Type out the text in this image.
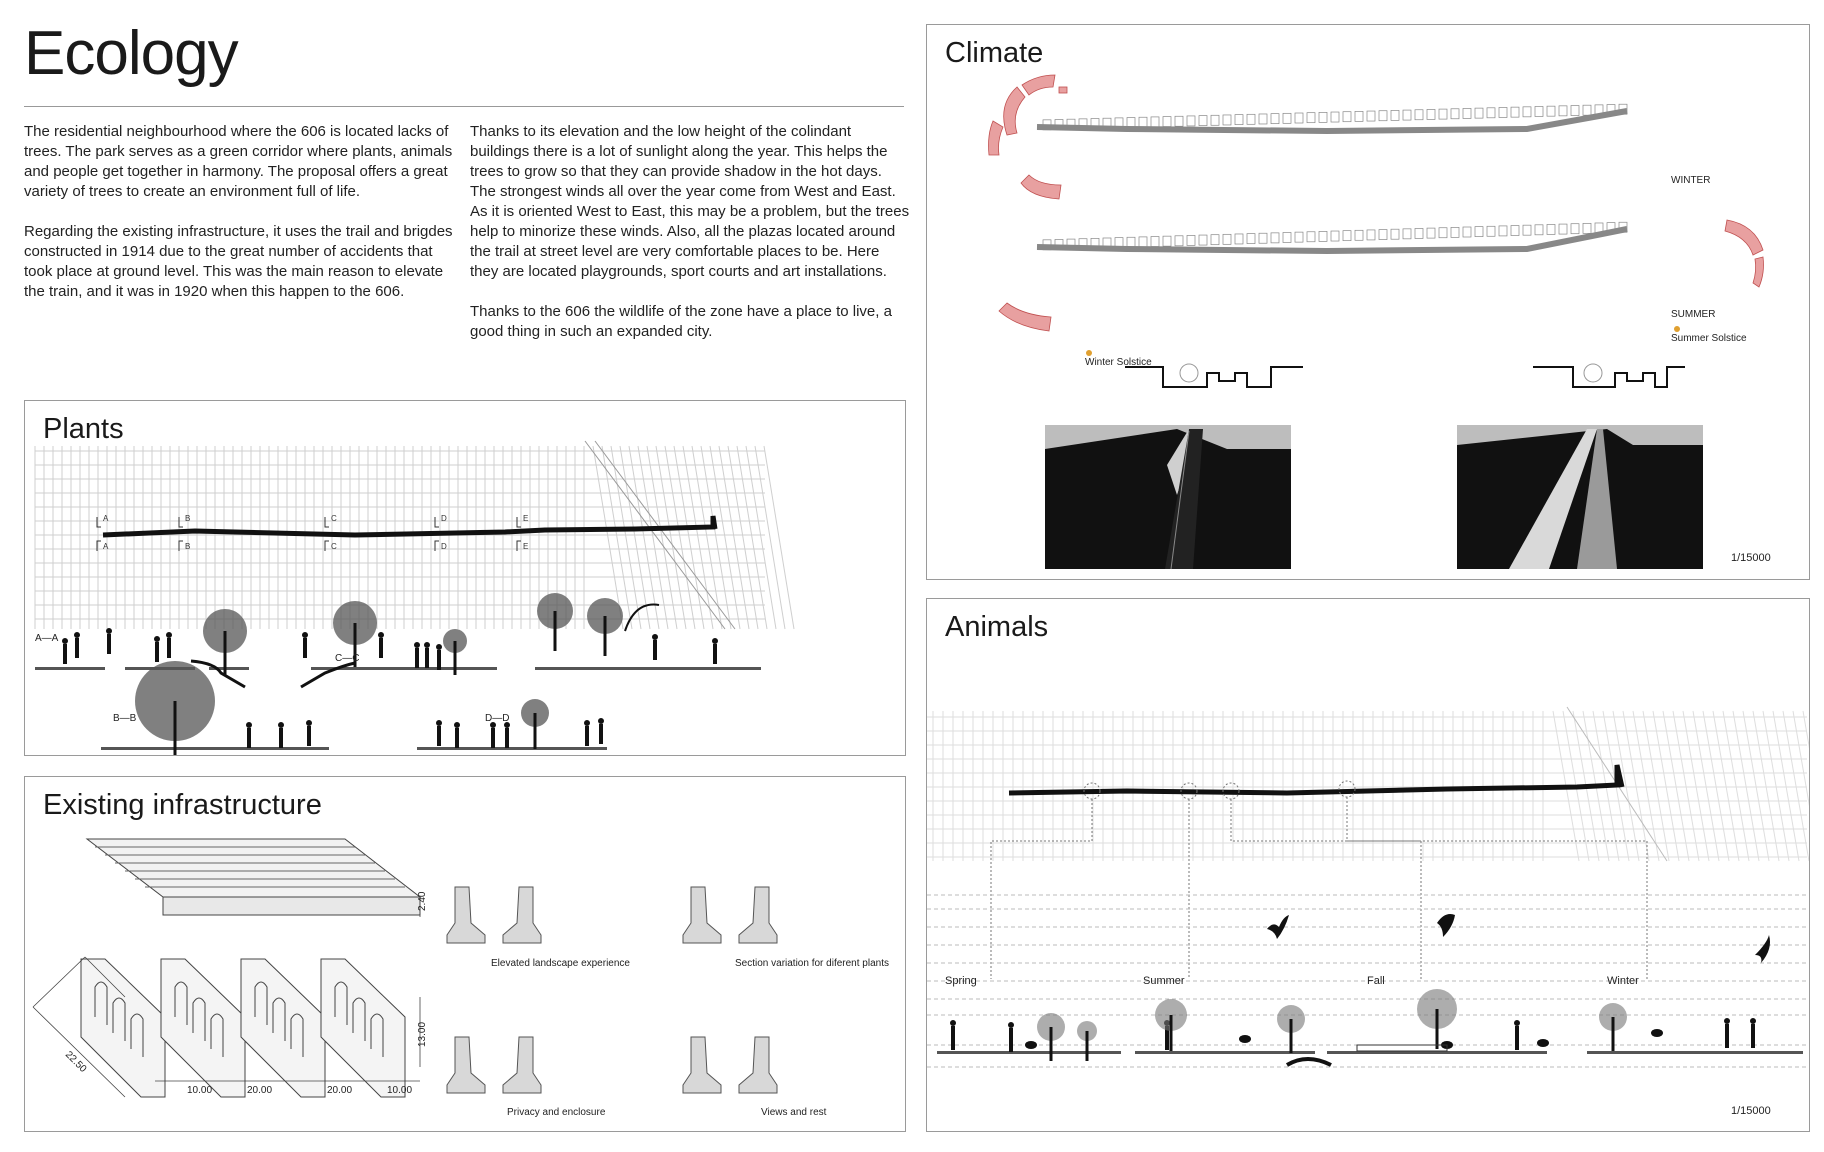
Ecology

The residential neighbourhood where the 606 is located lacks of trees. The park serves as a green corridor where plants, animals and people get together in harmony. The proposal offers a great variety of trees to create an environment full of life.

Regarding the existing infrastructure, it uses the trail and brigdes constructed in 1914 due to the great number of accidents that took place at ground level. This was the main reason to elevate the train, and it was in 1920 when this happen to the 606.

Thanks to its elevation and the low height of the colindant buildings there is a lot of sunlight along the year. This helps the trees to grow so that they can provide shadow in the hot days. The strongest winds all over the year come from West and East. As it is oriented West to East, this may be a problem, but the trees help to minorize these winds. Also, all the plazas located around the trail at street level are very comfortable places to be. Here they are located playgrounds, sport courts and art installations.

Thanks to the 606 the wildlife of the zone have a place to live, a good thing in such an expanded city.

Plants
A
A
B
B
C
C
D
D
E
E
A—A
C—C
B—B	D—D
Existing infrastructure
22.50
10.00	20.00	20.00	10.00
2.40
13.00
Elevated landscape experience	Section variation for diferent plants
Privacy and enclosure	Views and rest
Climate
WINTER
SUMMER
Winter Solstice
Summer Solstice
1/15000
Animals
Spring	Summer	Fall	Winter
1/15000
